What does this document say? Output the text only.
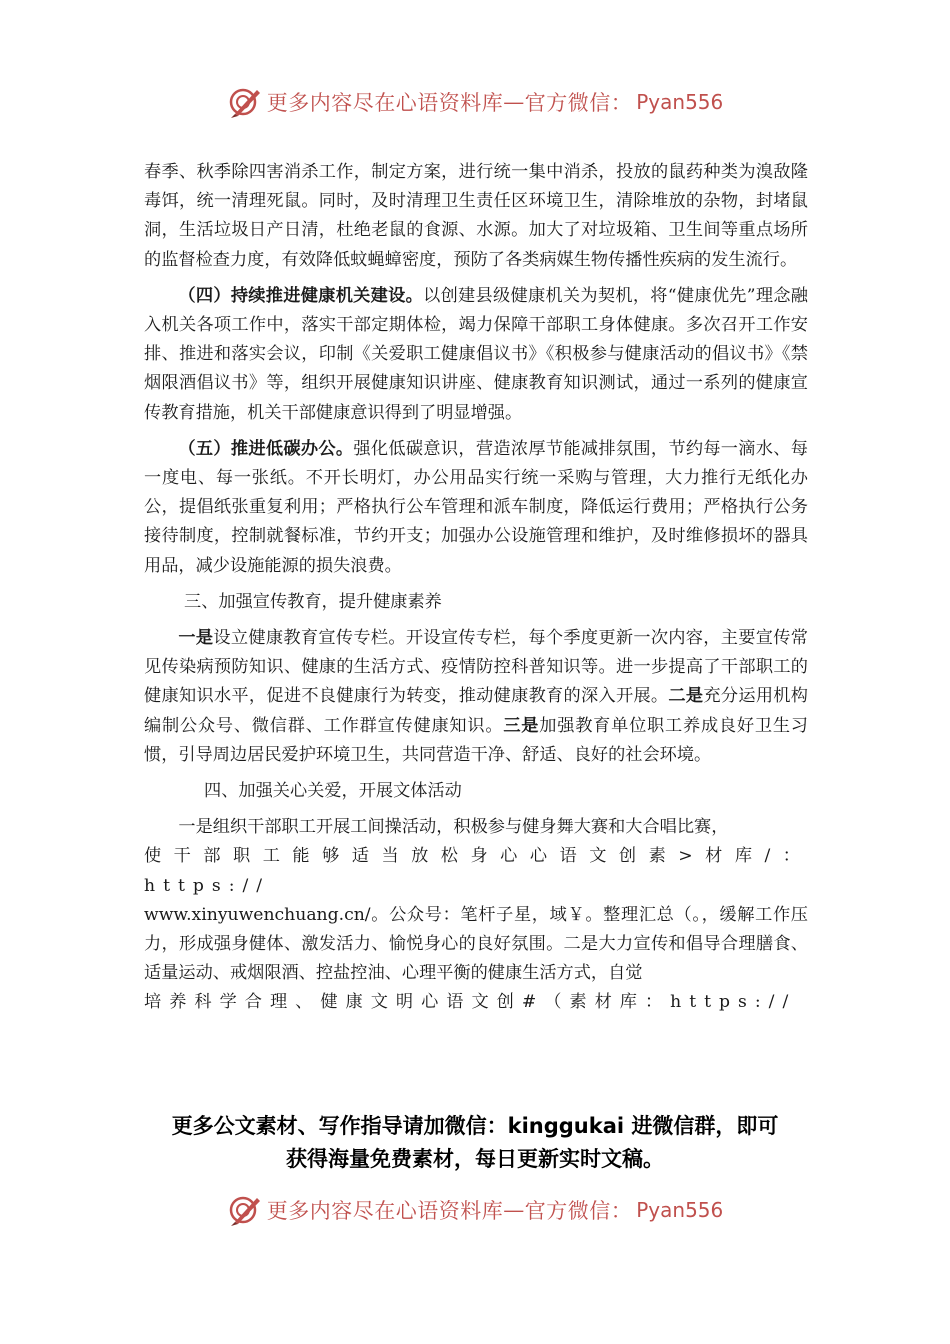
更多内容尽在心语资料库 — 官方微信： Pyan556

春季、秋季除四害消杀工作，制定方案，进行统一集中消杀，投放的鼠药种类为溴敌隆毒饵，统一清理死鼠。同时，及时清理卫生责任区环境卫生，清除堆放的杂物，封堵鼠洞，生活垃圾日产日清，杜绝老鼠的食源、水源。加大了对垃圾箱、卫生间等重点场所的监督检查力度，有效降低蚊蝇蟑密度，预防了各类病媒生物传播性疾病的发生流行。

（四）持续推进健康机关建设。以创建县级健康机关为契机，将“健康优先”理念融入机关各项工作中，落实干部定期体检，竭力保障干部职工身体健康。多次召开工作安排、推进和落实会议，印制《关爱职工健康倡议书》《积极参与健康活动的倡议书》《禁烟限酒倡议书》等，组织开展健康知识讲座、健康教育知识测试，通过一系列的健康宣传教育措施，机关干部健康意识得到了明显增强。

（五）推进低碳办公。强化低碳意识，营造浓厚节能减排氛围，节约每一滴水、每一度电、每一张纸。不开长明灯，办公用品实行统一采购与管理，大力推行无纸化办公，提倡纸张重复利用；严格执行公车管理和派车制度，降低运行费用；严格执行公务接待制度，控制就餐标准，节约开支；加强办公设施管理和维护，及时维修损坏的器具用品，减少设施能源的损失浪费。

三、加强宣传教育，提升健康素养

一是设立健康教育宣传专栏。开设宣传专栏，每个季度更新一次内容，主要宣传常见传染病预防知识、健康的生活方式、疫情防控科普知识等。进一步提高了干部职工的健康知识水平，促进不良健康行为转变，推动健康教育的深入开展。二是充分运用机构编制公众号、微信群、工作群宣传健康知识。三是加强教育单位职工养成良好卫生习惯，引导周边居民爱护环境卫生，共同营造干净、舒适、良好的社会环境。

四、加强关心关爱，开展文体活动

一是组织干部职工开展工间操活动，积极参与健身舞大赛和大合唱比赛，

使干部职工能够适当放松身心心语文创素>材库/：https://

www.xinyuwenchuang.cn/。公众号：笔杆子星，域￥。整理汇总（。，缓解工作压力，形成强身健体、激发活力、愉悦身心的良好氛围。二是大力宣传和倡导合理膳食、适量运动、戒烟限酒、控盐控油、心理平衡的健康生活方式，自觉

培养科学合理、健康文明心语文创#（素材库：https://

更多公文素材、写作指导请加微信：kinggukai 进微信群，即可
获得海量免费素材，每日更新实时文稿。
更多内容尽在心语资料库 — 官方微信： Pyan556
